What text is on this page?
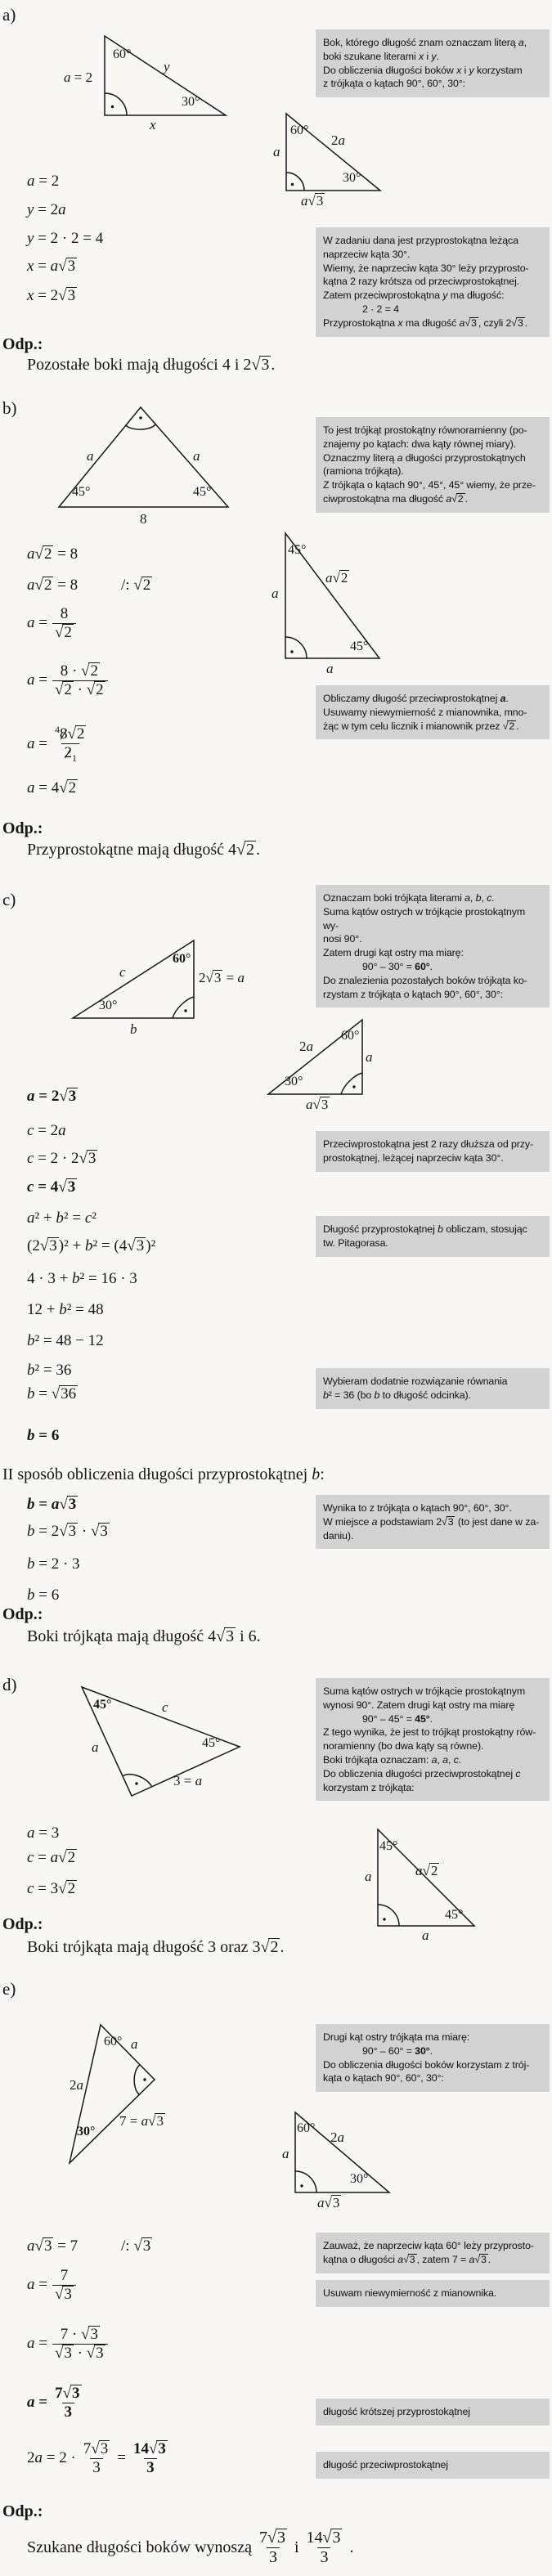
a)
60°
y
a = 2
30°
x
Bok, którego długość znam oznaczam literą a,
boki szukane literami x i y.
Do obliczenia długości boków x i y korzystam
z trójkąta o kątach 90°, 60°, 30°:
60°
2a
a
30°
a√3
a = 2
y = 2a
y = 2 · 2 = 4
x = a√3
x = 2√3
W zadaniu dana jest przyprostokątna leżąca
naprzeciw kąta 30°.
Wiemy, że naprzeciw kąta 30° leży przyprosto-
kątna 2 razy krótsza od przeciwprostokątnej.
Zatem przeciwprostokątna y ma długość:
2 · 2 = 4
Przyprostokątna x ma długość a√3 , czyli 2√3 .
Odp.:
Pozostałe boki mają długości 4 i 2√3 .
b)
a	a
45°	45°
8
To jest trójkąt prostokątny równoramienny (po-
znajemy po kątach: dwa kąty równej miary).
Oznaczmy literą a długości przyprostokątnych
(ramiona trójkąta).
Z trójkąta o kątach 90°, 45°, 45° wiemy, że prze-
ciwprostokątna ma długość a√2 .
45°
a
a√2
45°
a
a√2 = 8
a√2 = 8	/: √2
$a = \frac{8}{√2}$
$a = \frac{8 \cdot √2}{√2 \cdot √2}$
$a = \frac{^48√2}{2_1}$
a = 4√2
Obliczamy długość przeciwprostokątnej a.
Usuwamy niewymierność z mianownika, mno-
żąc w tym celu licznik i mianownik przez √2 .
Odp.:
Przyprostokątne mają długość 4√2 .
c)
60°
c	2√3 = a
30°
b
Oznaczam boki trójkąta literami a, b, c.
Suma kątów ostrych w trójkącie prostokątnym wy-
nosi 90°.
Zatem drugi kąt ostry ma miarę:
90° – 30° = 60°.
Do znalezienia pozostałych boków trójkąta ko-
rzystam z trójkąta o kątach 90°, 60°, 30°:
60°
2a
a
30°
a√3
a = 2√3
c = 2a
c = 2 · 2√3
c = 4√3
a² + b² = c²
(2√3 )² + b² = (4√3 )²
4 · 3 + b² = 16 · 3
12 + b² = 48
b² = 48 − 12
b² = 36
b = √36
b = 6
Przeciwprostokątna jest 2 razy dłuższa od przy-
prostokątnej, leżącej naprzeciw kąta 30°.
Długość przyprostokątnej b obliczam, stosując
tw. Pitagorasa.
Wybieram dodatnie rozwiązanie równania
b² = 36 (bo b to długość odcinka).
II sposób obliczenia długości przyprostokątnej b:
b = a√3
b = 2√3 · √3
b = 2 · 3
b = 6
Wynika to z trójkąta o kątach 90°, 60°, 30°.
W miejsce a podstawiam 2√3 (to jest dane w za-
daniu).
Odp.:
Boki trójkąta mają długość 4√3 i 6.
d)
45°	c
a	45°
3 = a
Suma kątów ostrych w trójkącie prostokątnym
wynosi 90°. Zatem drugi kąt ostry ma miarę
90° – 45° = 45°.
Z tego wynika, że jest to trójkąt prostokątny rów-
noramienny (bo dwa kąty są równe).
Boki trójkąta oznaczam: a, a, c.
Do obliczenia długości przeciwprostokątnej c
korzystam z trójkąta:
a = 3
c = a√2
c = 3√2
45°
a	a√2
45°
a
Odp.:
Boki trójkąta mają długość 3 oraz 3√2 .
e)
60° a
2a
30°
7 = a√3
Drugi kąt ostry trójkąta ma miarę:
90° – 60° = 30°.
Do obliczenia długości boków korzystam z trój-
kąta o kątach 90°, 60°, 30°:
60°
2a
a
30°
a√3
a√3 = 7	/: √3	Zauważ, że naprzeciw kąta 60° leży przyprosto-
kątna o długości a√3 , zatem 7 = a√3 .
Usuwam niewymierność z mianownika.
$a = \frac{7}{√3}$
$a = \frac{7 \cdot √3}{√3 \cdot √3}$
$a = \frac{7√3}{3}$
$2a = 2 \cdot \frac{7√3}{3} = \frac{14√3}{3}$
długość krótszej przyprostokątnej
długość przeciwprostokątnej
Odp.:
Szukane długości boków wynoszą $\frac{7√3}{3}$ i $\frac{14√3}{3}$ .
